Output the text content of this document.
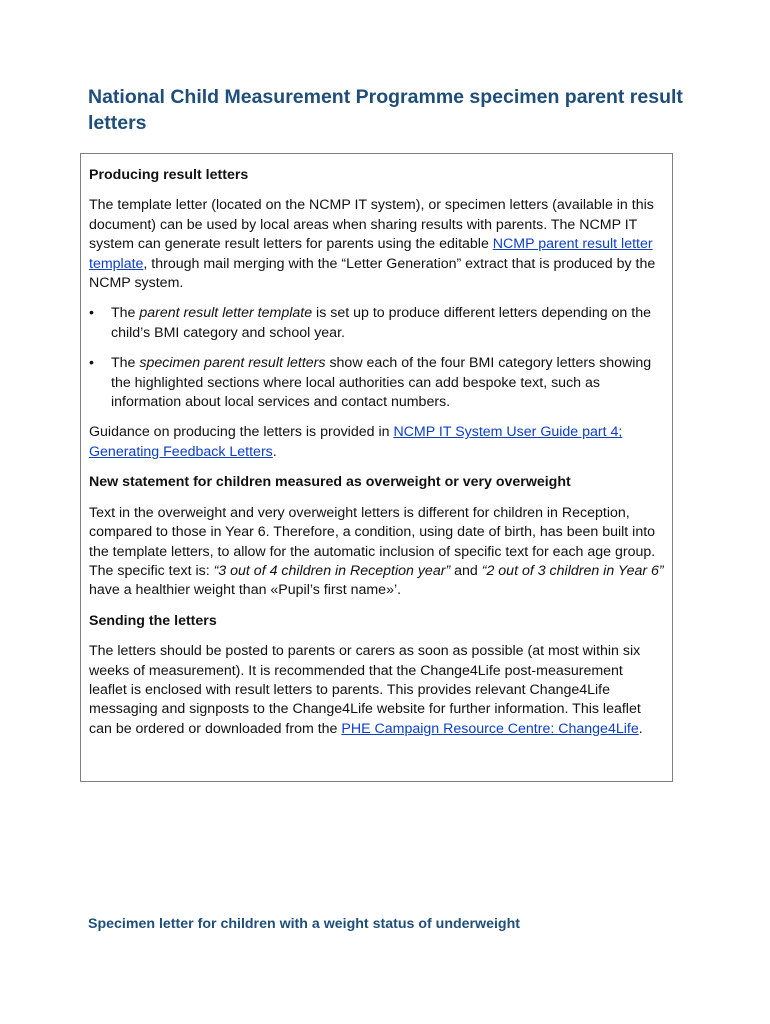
National Child Measurement Programme specimen parent result letters
Producing result letters

The template letter (located on the NCMP IT system), or specimen letters (available in this document) can be used by local areas when sharing results with parents. The NCMP IT system can generate result letters for parents using the editable NCMP parent result letter template, through mail merging with the “Letter Generation” extract that is produced by the NCMP system.

• The parent result letter template is set up to produce different letters depending on the child’s BMI category and school year.
• The specimen parent result letters show each of the four BMI category letters showing the highlighted sections where local authorities can add bespoke text, such as information about local services and contact numbers.

Guidance on producing the letters is provided in NCMP IT System User Guide part 4; Generating Feedback Letters.

New statement for children measured as overweight or very overweight

Text in the overweight and very overweight letters is different for children in Reception, compared to those in Year 6. Therefore, a condition, using date of birth, has been built into the template letters, to allow for the automatic inclusion of specific text for each age group. The specific text is: “3 out of 4 children in Reception year” and “2 out of 3 children in Year 6” have a healthier weight than «Pupil’s first name»’.

Sending the letters

The letters should be posted to parents or carers as soon as possible (at most within six weeks of measurement). It is recommended that the Change4Life post-measurement leaflet is enclosed with result letters to parents. This provides relevant Change4Life messaging and signposts to the Change4Life website for further information. This leaflet can be ordered or downloaded from the PHE Campaign Resource Centre: Change4Life.

Specimen letter for children with a weight status of underweight
